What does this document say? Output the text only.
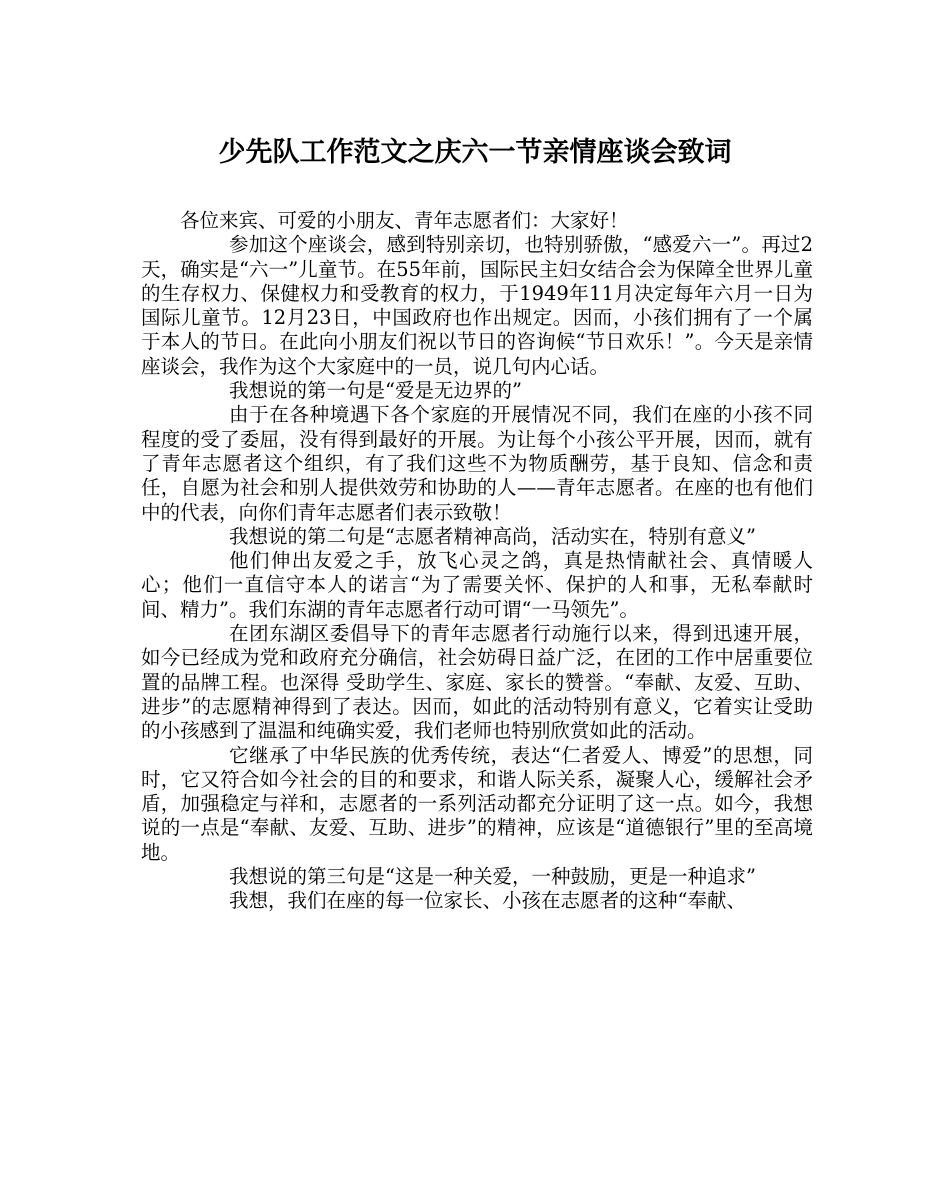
少先队工作范文之庆六一节亲情座谈会致词

各位来宾、可爱的小朋友、青年志愿者们：大家好！

参加这个座谈会，感到特别亲切，也特别骄傲，“感爱六一”。再过2天，确实是“六一”儿童节。在55年前，国际民主妇女结合会为保障全世界儿童的生存权力、保健权力和受教育的权力，于1949年11月决定每年六月一日为国际儿童节。12月23日，中国政府也作出规定。因而，小孩们拥有了一个属于本人的节日。在此向小朋友们祝以节日的咨询候“节日欢乐！”。今天是亲情座谈会，我作为这个大家庭中的一员，说几句内心话。

我想说的第一句是“爱是无边界的”

由于在各种境遇下各个家庭的开展情况不同，我们在座的小孩不同程度的受了委屈，没有得到最好的开展。为让每个小孩公平开展，因而，就有了青年志愿者这个组织，有了我们这些不为物质酬劳，基于良知、信念和责任，自愿为社会和别人提供效劳和协助的人——青年志愿者。在座的也有他们中的代表，向你们青年志愿者们表示致敬！

我想说的第二句是“志愿者精神高尚，活动实在，特别有意义”

他们伸出友爱之手，放飞心灵之鸽，真是热情献社会、真情暖人心；他们一直信守本人的诺言“为了需要关怀、保护的人和事，无私奉献时间、精力”。我们东湖的青年志愿者行动可谓“一马领先”。

在团东湖区委倡导下的青年志愿者行动施行以来，得到迅速开展，如今已经成为党和政府充分确信，社会妨碍日益广泛，在团的工作中居重要位置的品牌工程。也深得 受助学生、家庭、家长的赞誉。“奉献、友爱、互助、进步”的志愿精神得到了表达。因而，如此的活动特别有意义，它着实让受助的小孩感到了温温和纯确实爱，我们老师也特别欣赏如此的活动。

它继承了中华民族的优秀传统，表达“仁者爱人、博爱”的思想，同时，它又符合如今社会的目的和要求，和谐人际关系，凝聚人心，缓解社会矛盾，加强稳定与祥和，志愿者的一系列活动都充分证明了这一点。如今，我想说的一点是“奉献、友爱、互助、进步”的精神，应该是“道德银行”里的至高境地。

我想说的第三句是“这是一种关爱，一种鼓励，更是一种追求”

我想，我们在座的每一位家长、小孩在志愿者的这种“奉献、
